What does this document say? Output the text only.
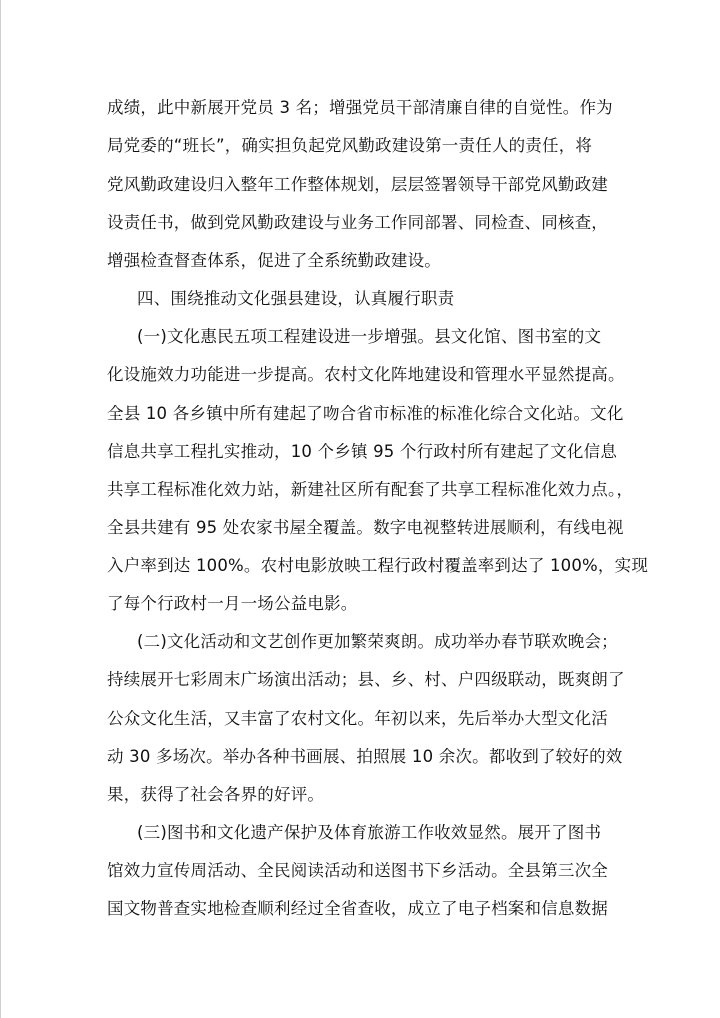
成绩，此中新展开党员 3 名；增强党员干部清廉自律的自觉性。作为
局党委的“班长”，确实担负起党风勤政建设第一责任人的责任，将
党风勤政建设归入整年工作整体规划，层层签署领导干部党风勤政建
设责任书，做到党风勤政建设与业务工作同部署、同检查、同核查，
增强检查督查体系，促进了全系统勤政建设。
四、围绕推动文化强县建设，认真履行职责
(一)文化惠民五项工程建设进一步增强。县文化馆、图书室的文
化设施效力功能进一步提高。农村文化阵地建设和管理水平显然提高。
全县 10 各乡镇中所有建起了吻合省市标准的标准化综合文化站。文化
信息共享工程扎实推动，10 个乡镇 95 个行政村所有建起了文化信息
共享工程标准化效力站，新建社区所有配套了共享工程标准化效力点。，
全县共建有 95 处农家书屋全覆盖。数字电视整转进展顺利，有线电视
入户率到达 100%。农村电影放映工程行政村覆盖率到达了 100%，实现
了每个行政村一月一场公益电影。
(二)文化活动和文艺创作更加繁荣爽朗。成功举办春节联欢晚会；
持续展开七彩周末广场演出活动；县、乡、村、户四级联动，既爽朗了
公众文化生活，又丰富了农村文化。年初以来，先后举办大型文化活
动 30 多场次。举办各种书画展、拍照展 10 余次。都收到了较好的效
果，获得了社会各界的好评。
(三)图书和文化遗产保护及体育旅游工作收效显然。展开了图书
馆效力宣传周活动、全民阅读活动和送图书下乡活动。全县第三次全
国文物普查实地检查顺利经过全省查收，成立了电子档案和信息数据
